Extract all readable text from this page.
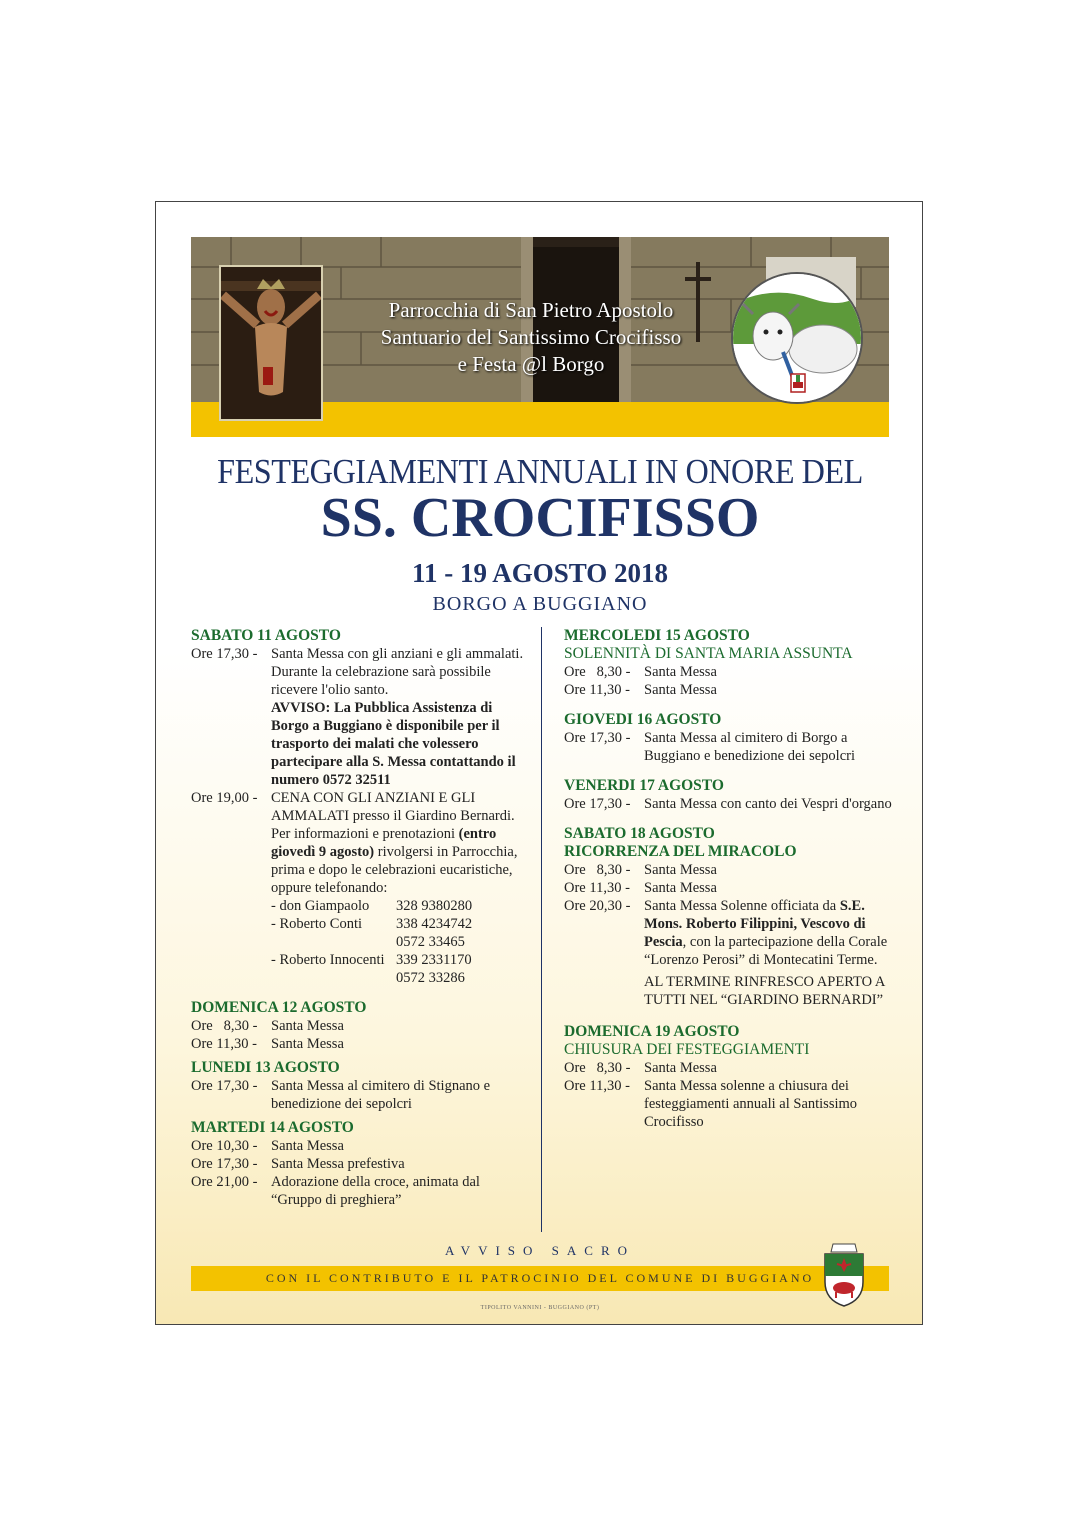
Parrocchia di San Pietro Apostolo
Santuario del Santissimo Crocifisso
e Festa @l Borgo
FESTEGGIAMENTI ANNUALI IN ONORE DEL
SS. CROCIFISSO
11 - 19 AGOSTO 2018
BORGO A BUGGIANO
SABATO 11 AGOSTO
Ore 17,30 - Santa Messa con gli anziani e gli ammalati. Durante la celebrazione sarà possibile ricevere l'olio santo.
AVVISO: La Pubblica Assistenza di Borgo a Buggiano è disponibile per il trasporto dei malati che volessero partecipare alla S. Messa contattando il numero 0572 32511
Ore 19,00 - CENA CON GLI ANZIANI E GLI AMMALATI presso il Giardino Bernardi. Per informazioni e prenotazioni (entro giovedì 9 agosto) rivolgersi in Parrocchia, prima e dopo le celebrazioni eucaristiche, oppure telefonando:
- don Giampaolo	328 9380280
- Roberto Conti	338 4234742
0572 33465
- Roberto Innocenti 339 2331170
0572 33286
DOMENICA 12 AGOSTO
Ore   8,30 - Santa Messa
Ore 11,30 - Santa Messa
LUNEDI 13 AGOSTO
Ore 17,30 - Santa Messa al cimitero di Stignano e benedizione dei sepolcri
MARTEDI 14 AGOSTO
Ore 10,30 - Santa Messa
Ore 17,30 - Santa Messa prefestiva
Ore 21,00 - Adorazione della croce, animata dal “Gruppo di preghiera”
MERCOLEDI 15 AGOSTO
SOLENNITÀ DI SANTA MARIA ASSUNTA
Ore   8,30 - Santa Messa
Ore 11,30 - Santa Messa
GIOVEDI 16 AGOSTO
Ore 17,30 - Santa Messa al cimitero di Borgo a Buggiano e benedizione dei sepolcri
VENERDI 17 AGOSTO
Ore 17,30 - Santa Messa con canto dei Vespri d'organo
SABATO 18 AGOSTO
RICORRENZA DEL MIRACOLO
Ore   8,30 - Santa Messa
Ore 11,30 - Santa Messa
Ore 20,30 - Santa Messa Solenne officiata da S.E. Mons. Roberto Filippini, Vescovo di Pescia, con la partecipazione della Corale “Lorenzo Perosi” di Montecatini Terme.
AL TERMINE RINFRESCO APERTO A TUTTI NEL “GIARDINO BERNARDI”
DOMENICA 19 AGOSTO
CHIUSURA DEI FESTEGGIAMENTI
Ore   8,30 - Santa Messa
Ore 11,30 - Santa Messa solenne a chiusura dei festeggiamenti annuali al Santissimo Crocifisso
AVVISO SACRO
CON IL CONTRIBUTO E IL PATROCINIO DEL COMUNE DI BUGGIANO
TIPOLITO VANNINI - BUGGIANO (PT)
